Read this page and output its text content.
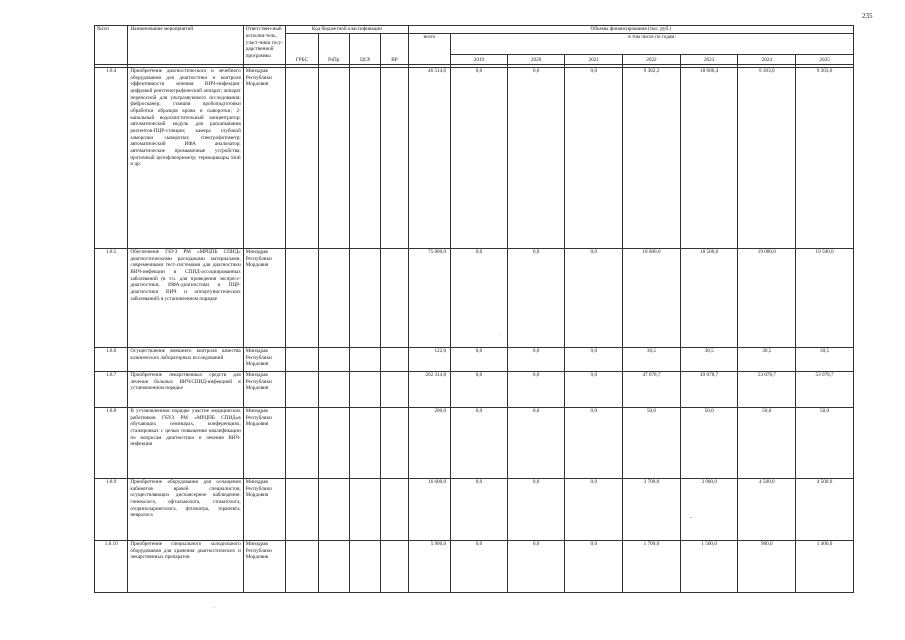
235
№п/п	Наименование мероприятий	Ответствен-ный исполни-тель, участ-ники госу-дарственной программы	Код бюджетной классификации				Объемы финансирования (тыс. руб.)							
			ГРБС	РзПр	ЦСР	ВР	всего	в том числе по годам:						
								2019	2020	2021	2022	2023	2024	2025

1.8.4	Приобретение диагностического и лечебного оборудования для диагностики и контроля эффективности лечения ВИЧ-инфекции: цифровой рентгенографический аппарат; аппарат переносной для ультразвукового исследования; фибросканер; станция пробоподготовки обработки образцов крови и сыворотки; 2-канальный водоочистительный концентратор; автоматический модуль для раскапывания реагентов-ПЦР-станции; камера глубокой заморозки сыворотки; спектрофотометр; автоматический ИФА анализатор; автоматические промывочные устройства; проточный цитофлюориметр; термоцикыры Sinti и др.	Минздрав Республики Мордовия					46 514,6	0,0	0,0	0,0	9 302,2	18 606,4	9 303,0	9 303,0
1.8.5	Обеспечение ГБУЗ РМ «МРЦПБ СПИД» диагностическими расходными материалами, современными тест-системами для диагностики ВИЧ-инфекции в СПИД-ассоциированных заболеваний (в т.ч. для проведения экспресс-диагностики, ИФА-диагностики и ПЦР-диагностики ВИЧ и оппортунистических заболеваний) в установленном порядке	Минздрав Республики Мордовия					75 000,0	0,0	0,0	0,0	18 000,0	18 500,0	19 000,0	19 500,0
1.8.6	Осуществление внешнего контроля качества клинических лабораторных исследований	Минздрав Республики Мордовия					122,0	0,0	0,0	0,0	30,5	30,5	30,5	30,5
1.8.7	Приобретение лекарственных средств для лечения больных ВИЧ/СПИД-инфекцией в установленном порядке	Минздрав Республики Мордовия					202 314,8	0,0	0,0	0,0	47 078,7	49 078,7	53 078,7	53 078,7
1.8.8	В установленном порядке участие медицинских работников ГБУЗ РМ «МРЦПБ СПИД»в обучающих семинарах, конференциях, стажировках с целью повышения квалификации по вопросам диагностики и лечения ВИЧ-инфекции	Минздрав Республики Мордовия					200,0	0,0	0,0	0,0	50,0	50,0	50,0	50,0
1.8.9	Приобретение оборудования для оснащения кабинетов врачей специалистов, осуществляющих диспансерное наблюдение: гинеколога, офтальмолога, стоматолога, оториноларинголога, фтизиатра, терапевта, невролога	Минздрав Республики Мордовия					16 600,0	0,0	0,0	0,0	3 700,0	3 900,0	4 500,0	4 500,0
1.8.10	Приобретение специального холодильного оборудования для хранения диагностических и лекарственных препаратов	Минздрав Республики Мордовия					5 900,0	0,0	0,0	0,0	1 700,0	1 500,0	900,0	1 400,0
.
-
.
